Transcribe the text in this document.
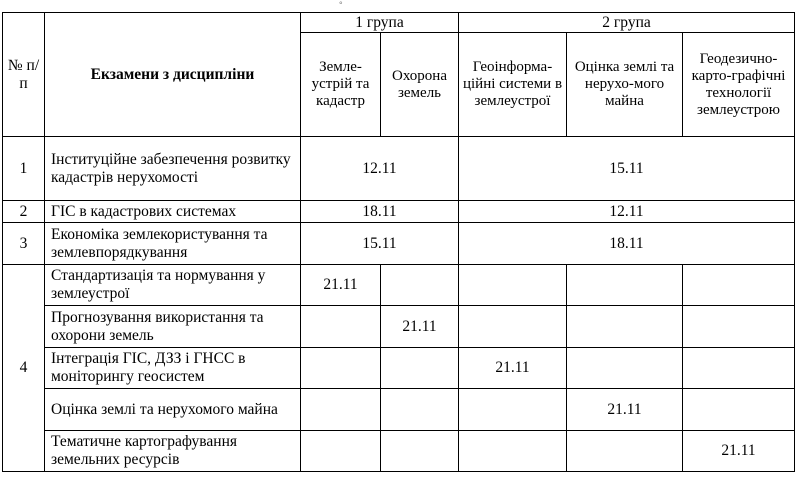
°
№ п/п	Екзамени з дисципліни	1 група		2 група		
		Земле-устрій та кадастр	Охорона земель	Геоінформа-ційні системи в землеустрої	Оцінка землі та нерухо-мого майна	Геодезично-карто-графічні технології землеустрою
1	Інституційне забезпечення розвитку кадастрів нерухомості	12.11		15.11		
2	ГІС в кадастрових системах	18.11		12.11		
3	Економіка землекористування та землевпорядкування	15.11		18.11		
4	Стандартизація та нормування у землеустрої	21.11				
	Прогнозування використання та охорони земель		21.11			
	Інтеграція ГІС, ДЗЗ і ГНСС в моніторингу геосистем			21.11		
	Оцінка землі та нерухомого майна				21.11	
	Тематичне картографування земельних ресурсів					21.11
